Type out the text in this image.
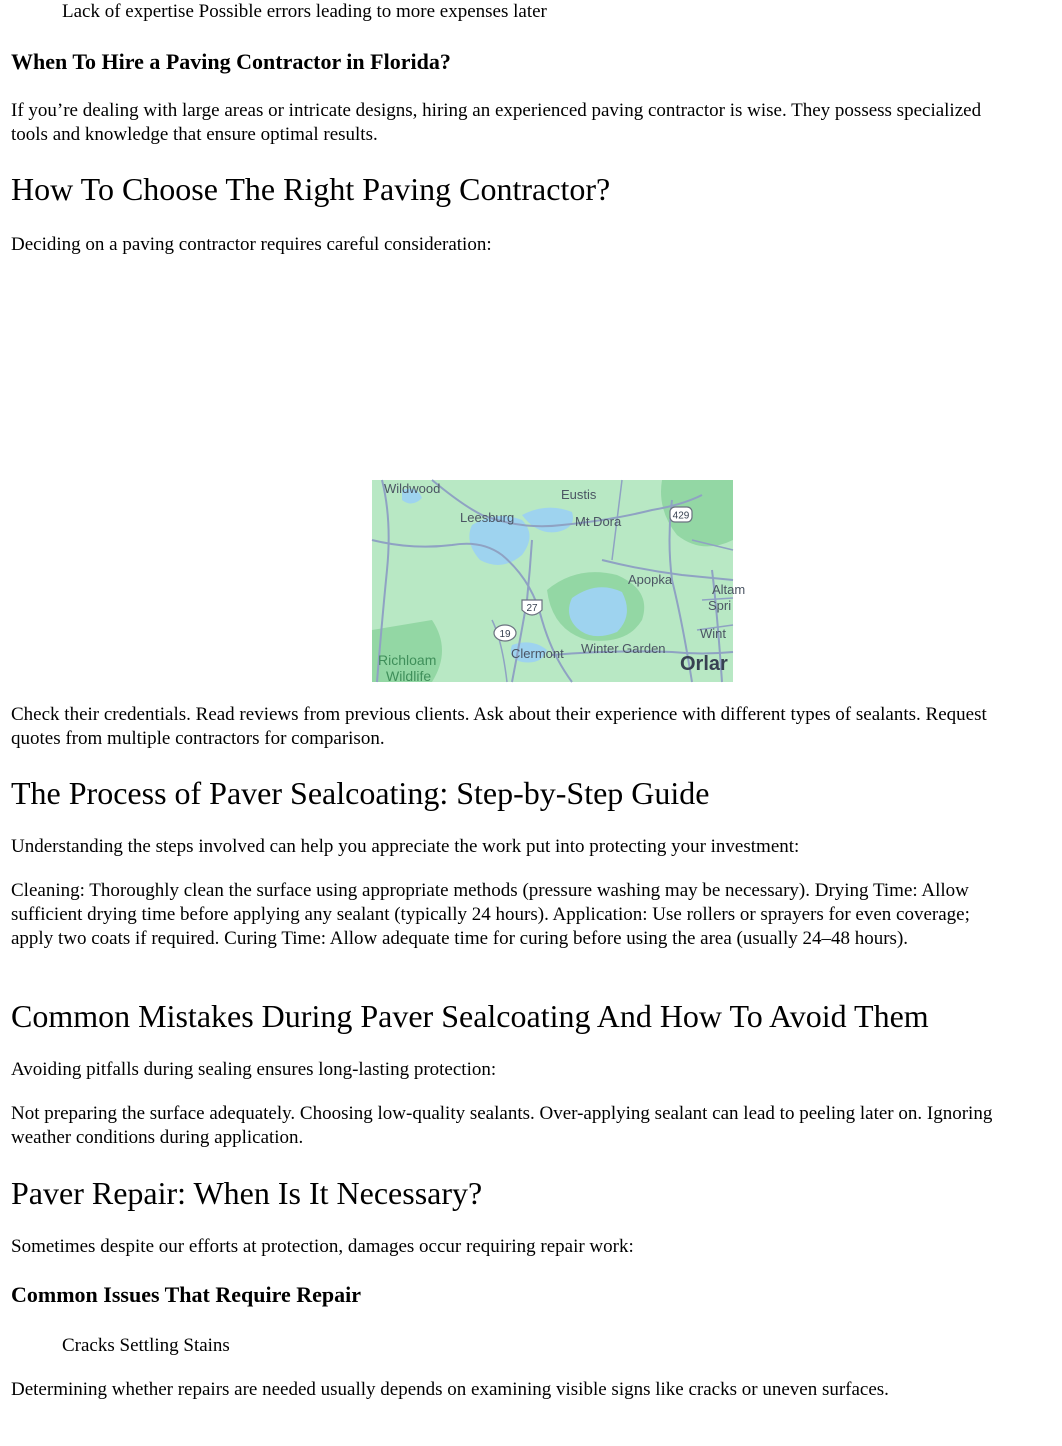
Lack of expertise Possible errors leading to more expenses later

When To Hire a Paving Contractor in Florida?

If you’re dealing with large areas or intricate designs, hiring an experienced paving contractor is wise. They possess specialized tools and knowledge that ensure optimal results.

How To Choose The Right Paving Contractor?

Deciding on a paving contractor requires careful consideration:

Check their credentials. Read reviews from previous clients. Ask about their experience with different types of sealants. Request quotes from multiple contractors for comparison.

The Process of Paver Sealcoating: Step-by-Step Guide

Understanding the steps involved can help you appreciate the work put into protecting your investment:

Cleaning: Thoroughly clean the surface using appropriate methods (pressure washing may be necessary). Drying Time: Allow sufficient drying time before applying any sealant (typically 24 hours). Application: Use rollers or sprayers for even coverage; apply two coats if required. Curing Time: Allow adequate time for curing before using the area (usually 24–48 hours).

Common Mistakes During Paver Sealcoating And How To Avoid Them

Avoiding pitfalls during sealing ensures long-lasting protection:

Not preparing the surface adequately. Choosing low-quality sealants. Over-applying sealant can lead to peeling later on. Ignoring weather conditions during application.

Paver Repair: When Is It Necessary?

Sometimes despite our efforts at protection, damages occur requiring repair work:

Common Issues That Require Repair

Cracks Settling Stains

Determining whether repairs are needed usually depends on examining visible signs like cracks or uneven surfaces.

429
27
19
Wildwood	Eustis
Leesburg	Mt Dora
Apopka
Altam
Spri
Wint
Clermont Winter Garden
Orlar
Richloam
Wildlife
